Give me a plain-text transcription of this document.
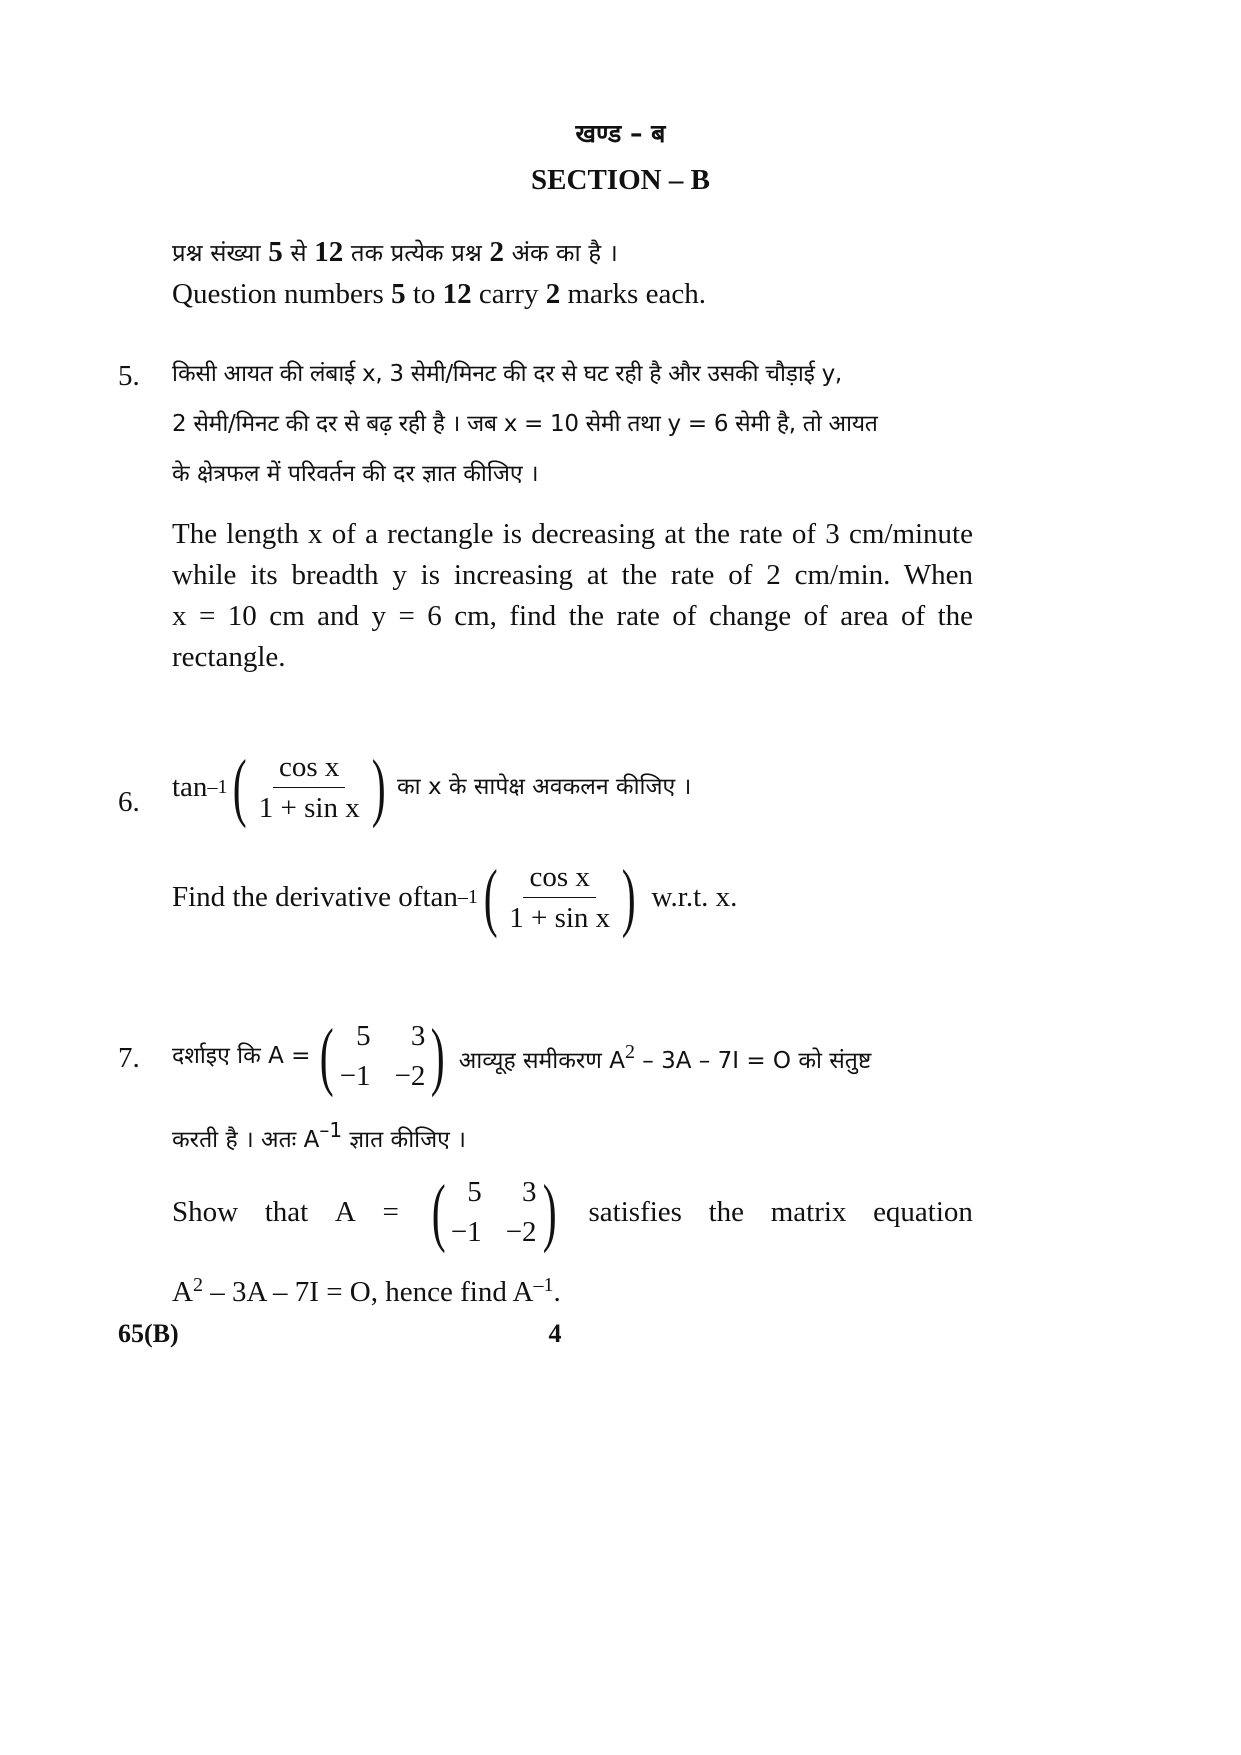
खण्ड – ब
SECTION – B
प्रश्न संख्या 5 से 12 तक प्रत्येक प्रश्न 2 अंक का है ।
Question numbers 5 to 12 carry 2 marks each.
5. किसी आयत की लंबाई x, 3 सेमी/मिनट की दर से घट रही है और उसकी चौड़ाई y,
2 सेमी/मिनट की दर से बढ़ रही है । जब x = 10 सेमी तथा y = 6 सेमी है, तो आयत
के क्षेत्रफल में परिवर्तन की दर ज्ञात कीजिए ।
The length x of a rectangle is decreasing at the rate of 3 cm/minute
while its breadth y is increasing at the rate of 2 cm/min. When
x = 10 cm and y = 6 cm, find the rate of change of area of the
rectangle.
6. tan –1 ( $\frac{\text{cos x}}{\text{1 + sin x}}$ ) का x के सापेक्ष अवकलन कीजिए ।
Find the derivative of tan –1 ( $\frac{\text{cos x}}{\text{1 + sin x}}$ ) w.r.t. x.
7. दर्शाइए कि A = ( 5	3
−1 −2 ) आव्यूह समीकरण $A^2 - 3A - 7I = O$ को संतुष्ट
करती है । अतः $A^{-1}$ ज्ञात कीजिए ।
Show that A = ( 5	3
−1 −2 ) satisfies the matrix equation
$A^2 - 3A - 7I = O$, hence find $A^{-1}$.
65(B)	4
